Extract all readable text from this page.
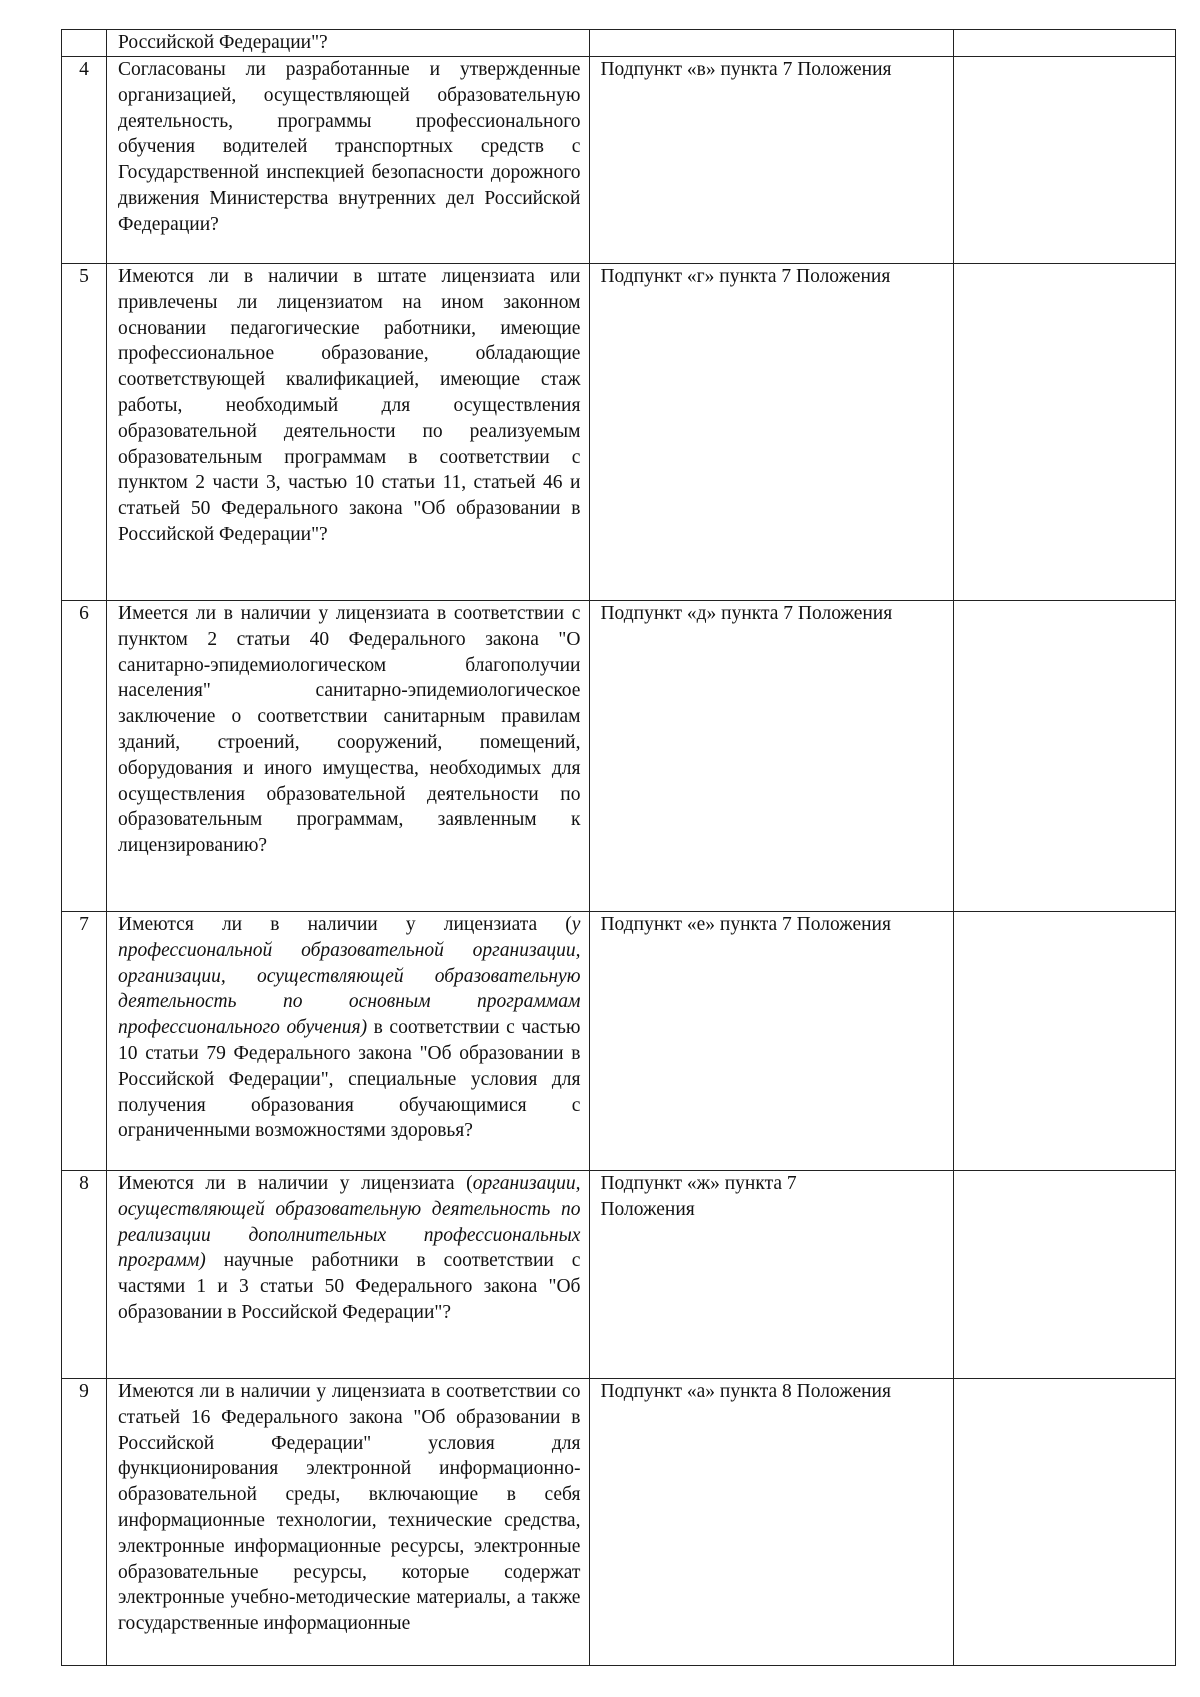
	Российской Федерации"?		

4	Согласованы ли разработанные и утвержденные организацией, осуществляющей образовательную деятельность, программы профессионального обучения водителей транспортных средств с Государственной инспекцией безопасности дорожного движения Министерства внутренних дел Российской Федерации?	Подпункт «в» пункта 7 Положения	

5	Имеются ли в наличии в штате лицензиата или привлечены ли лицензиатом на ином законном основании педагогические работники, имеющие профессиональное образование, обладающие соответствующей квалификацией, имеющие стаж работы, необходимый для осуществления образовательной деятельности по реализуемым образовательным программам в соответствии с пунктом 2 части 3, частью 10 статьи 11, статьей 46 и статьей 50 Федерального закона "Об образовании в Российской Федерации"?	Подпункт «г» пункта 7 Положения	

6	Имеется ли в наличии у лицензиата в соответствии с пунктом 2 статьи 40 Федерального закона "О санитарно-эпидемиологическом благополучии населения" санитарно-эпидемиологическое заключение о соответствии санитарным правилам зданий, строений, сооружений, помещений, оборудования и иного имущества, необходимых для осуществления образовательной деятельности по образовательным программам, заявленным к лицензированию?	Подпункт «д» пункта 7 Положения	

7	Имеются ли в наличии у лицензиата (у профессиональной образовательной организации, организации, осуществляющей образовательную деятельность по основным программам профессионального обучения) в соответствии с частью 10 статьи 79 Федерального закона "Об образовании в Российской Федерации", специальные условия для получения образования обучающимися с ограниченными возможностями здоровья?	Подпункт «е» пункта 7 Положения	

8	Имеются ли в наличии у лицензиата (организации, осуществляющей образовательную деятельность по реализации дополнительных профессиональных программ) научные работники в соответствии с частями 1 и 3 статьи 50 Федерального закона "Об образовании в Российской Федерации"?	Подпункт «ж» пункта 7
Положения	

9	Имеются ли в наличии у лицензиата в соответствии со статьей 16 Федерального закона "Об образовании в Российской Федерации" условия для функционирования электронной информационно-образовательной среды, включающие в себя информационные технологии, технические средства, электронные информационные ресурсы, электронные образовательные ресурсы, которые содержат электронные учебно-методические материалы, а также государственные информационные	Подпункт «а» пункта 8 Положения	
